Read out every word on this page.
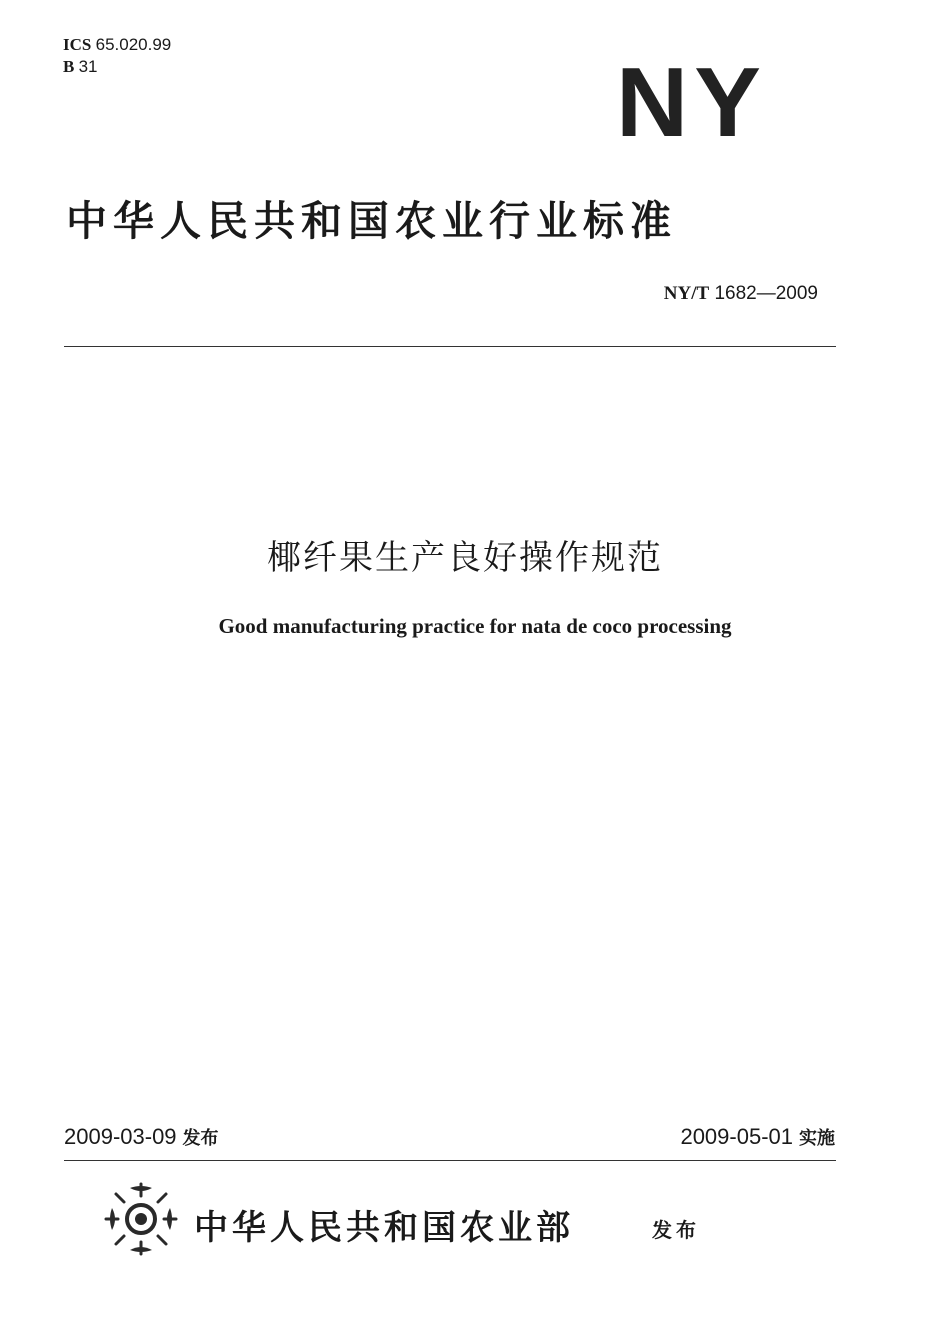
ICS 65.020.99
B 31	NY
中华人民共和国农业行业标准
NY/T 1682—2009
椰纤果生产良好操作规范
Good manufacturing practice for nata de coco processing
2009-03-09 发布	2009-05-01 实施
中华人民共和国农业部	发布
